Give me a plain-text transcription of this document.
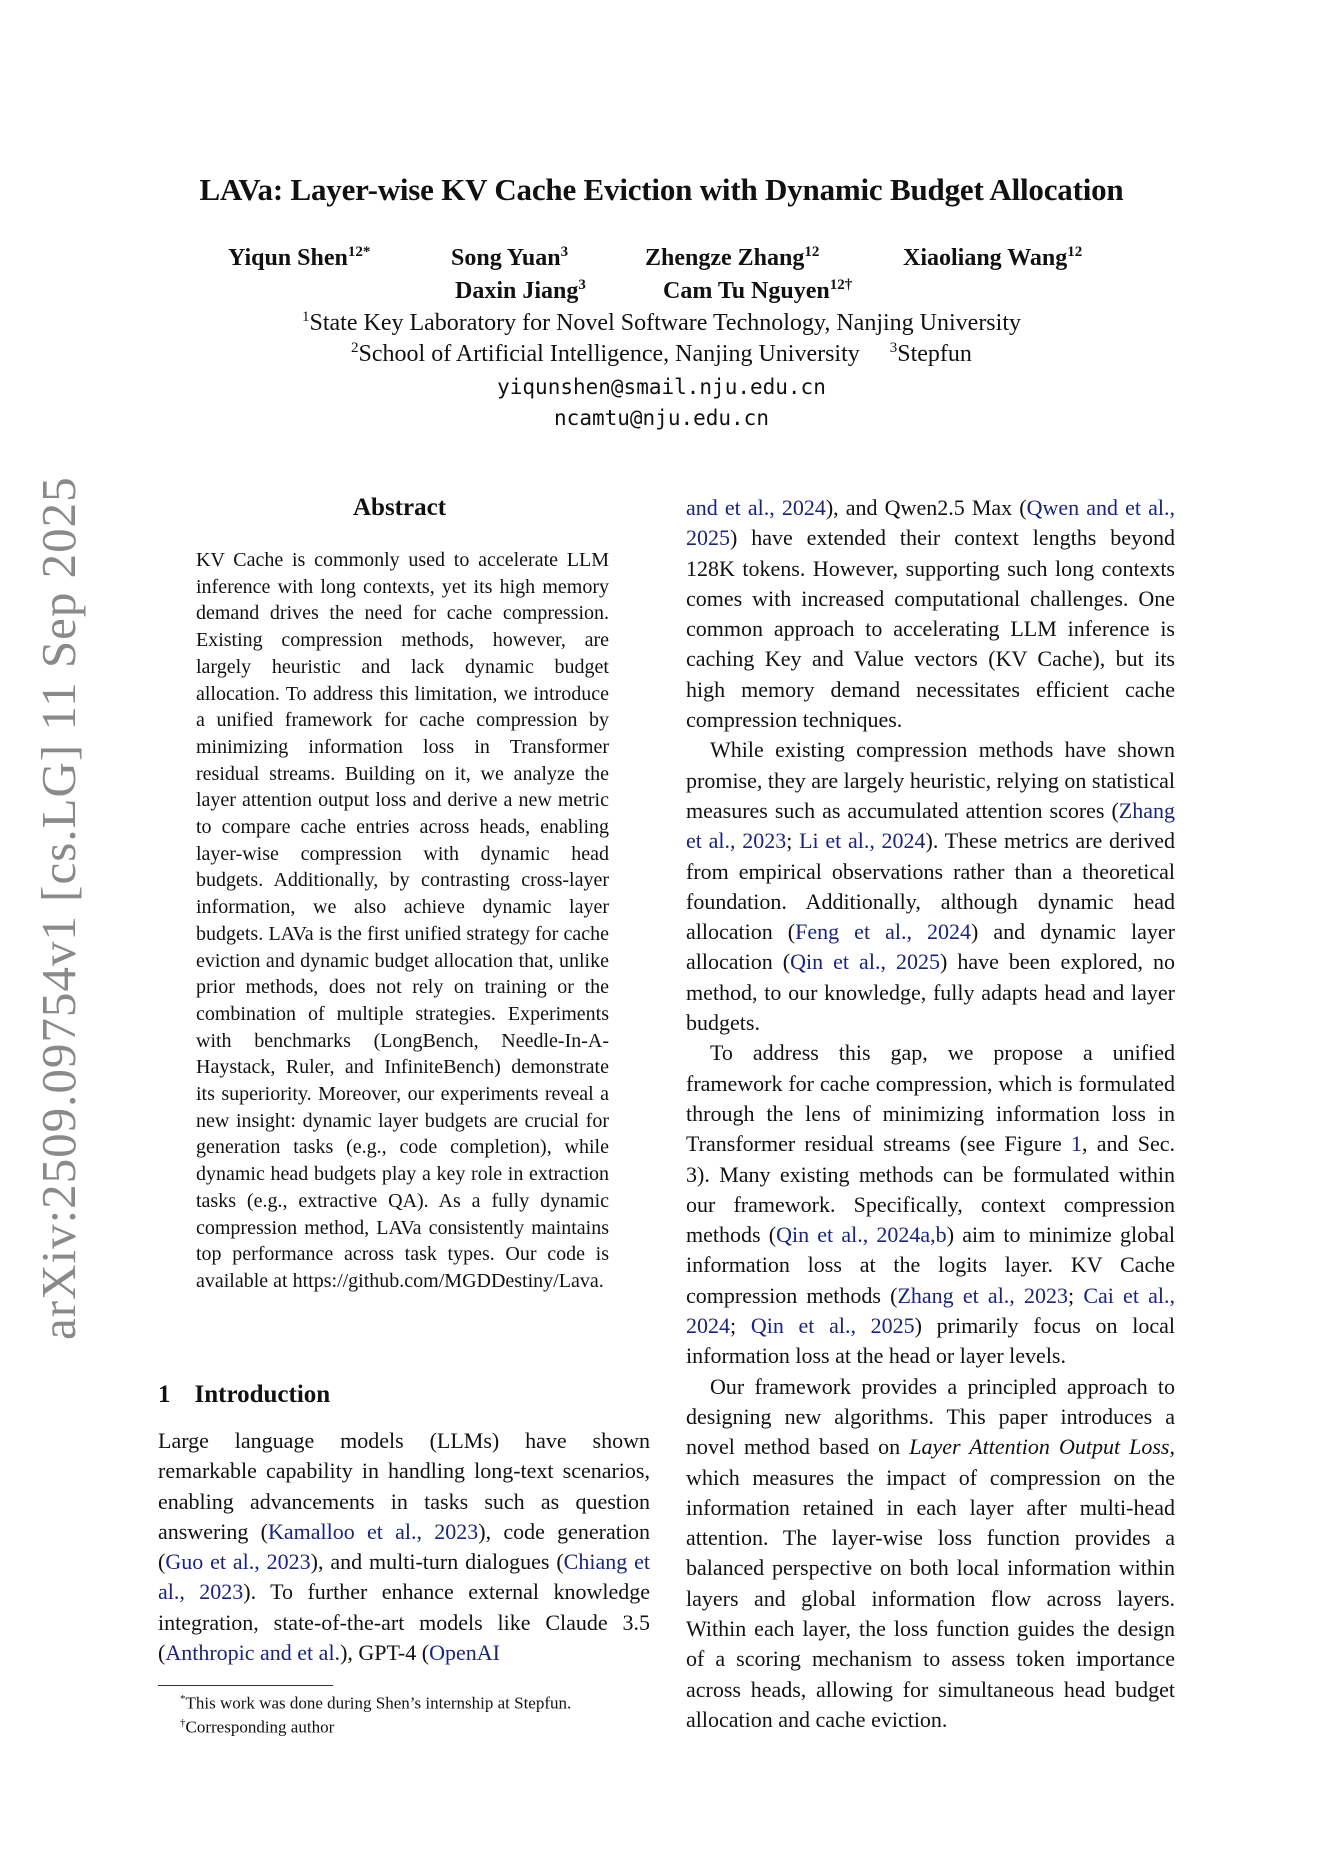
arXiv:2509.09754v1 [cs.LG] 11 Sep 2025
LAVa: Layer-wise KV Cache Eviction with Dynamic Budget Allocation
Yiqun Shen$^{12*}$	Song Yuan$^3$	Zhengze Zhang$^{12}$	Xiaoliang Wang$^{12}$
Daxin Jiang$^3$	Cam Tu Nguyen$^{12\dagger}$
$^1$State Key Laboratory for Novel Software Technology, Nanjing University
$^2$School of Artificial Intelligence, Nanjing University $^3$Stepfun
yiqunshen@smail.nju.edu.cn
ncamtu@nju.edu.cn
Abstract
KV Cache is commonly used to accelerate LLM inference with long contexts, yet its high memory demand drives the need for cache compression. Existing compression methods, however, are largely heuristic and lack dynamic budget allocation. To address this limitation, we introduce a unified framework for cache compression by minimizing information loss in Transformer residual streams. Building on it, we analyze the layer attention output loss and derive a new metric to compare cache entries across heads, enabling layer-wise compression with dynamic head budgets. Additionally, by contrasting cross-layer information, we also achieve dynamic layer budgets. LAVa is the first unified strategy for cache eviction and dynamic budget allocation that, unlike prior methods, does not rely on training or the combination of multiple strategies. Experiments with benchmarks (LongBench, Needle-In-A-Haystack, Ruler, and InfiniteBench) demonstrate its superiority. Moreover, our experiments reveal a new insight: dynamic layer budgets are crucial for generation tasks (e.g., code completion), while dynamic head budgets play a key role in extraction tasks (e.g., extractive QA). As a fully dynamic compression method, LAVa consistently maintains top performance across task types. Our code is available at https://github.com/MGDDestiny/Lava.
1 Introduction

Large language models (LLMs) have shown remarkable capability in handling long-text scenarios, enabling advancements in tasks such as question answering (Kamalloo et al., 2023), code generation (Guo et al., 2023), and multi-turn dialogues (Chiang et al., 2023). To further enhance external knowledge integration, state-of-the-art models like Claude 3.5 (Anthropic and et al.), GPT-4 (OpenAI

and et al., 2024), and Qwen2.5 Max (Qwen and et al., 2025) have extended their context lengths beyond 128K tokens. However, supporting such long contexts comes with increased computational challenges. One common approach to accelerating LLM inference is caching Key and Value vectors (KV Cache), but its high memory demand necessitates efficient cache compression techniques.

While existing compression methods have shown promise, they are largely heuristic, relying on statistical measures such as accumulated attention scores (Zhang et al., 2023; Li et al., 2024). These metrics are derived from empirical observations rather than a theoretical foundation. Additionally, although dynamic head allocation (Feng et al., 2024) and dynamic layer allocation (Qin et al., 2025) have been explored, no method, to our knowledge, fully adapts head and layer budgets.

To address this gap, we propose a unified framework for cache compression, which is formulated through the lens of minimizing information loss in Transformer residual streams (see Figure 1, and Sec. 3). Many existing methods can be formulated within our framework. Specifically, context compression methods (Qin et al., 2024a,b) aim to minimize global information loss at the logits layer. KV Cache compression methods (Zhang et al., 2023; Cai et al., 2024; Qin et al., 2025) primarily focus on local information loss at the head or layer levels.

Our framework provides a principled approach to designing new algorithms. This paper introduces a novel method based on Layer Attention Output Loss, which measures the impact of compression on the information retained in each layer after multi-head attention. The layer-wise loss function provides a balanced perspective on both local information within layers and global information flow across layers. Within each layer, the loss function guides the design of a scoring mechanism to assess token importance across heads, allowing for simultaneous head budget allocation and cache eviction.

*This work was done during Shen’s internship at Stepfun.
†Corresponding author
